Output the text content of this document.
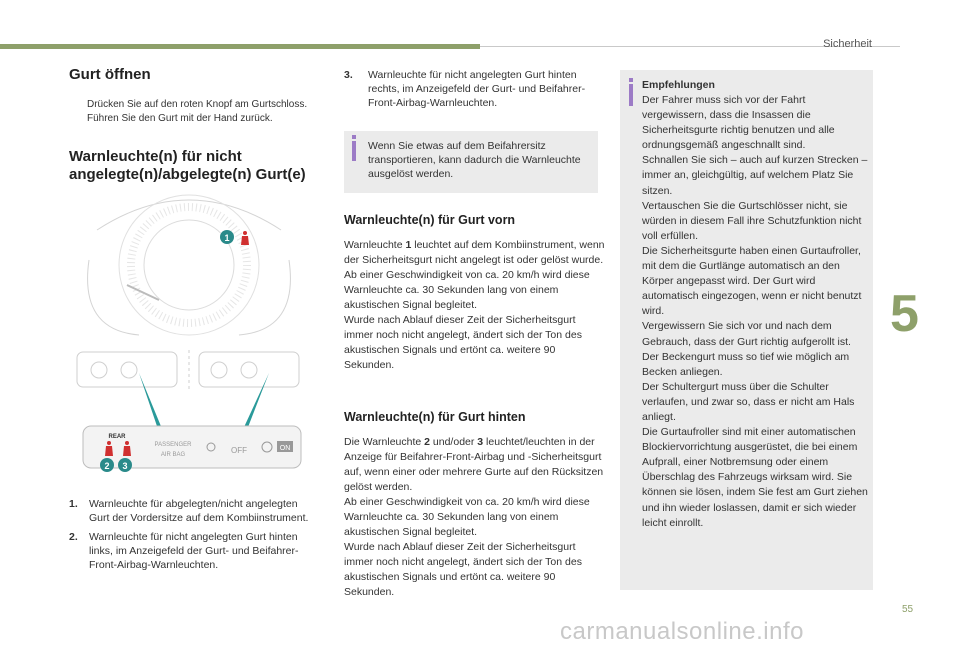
Sicherheit
5
55
Gurt öffnen
Drücken Sie auf den roten Knopf am Gurtschloss.
Führen Sie den Gurt mit der Hand zurück.
Warnleuchte(n) für nicht
angelegte(n)/abgelegte(n) Gurt(e)
1
REAR
PASSENGER
AIR BAG	OFF	ON
2 3
1.	Warnleuchte für abgelegten/nicht angelegten Gurt der Vordersitze auf dem Kombiinstrument.
2.	Warnleuchte für nicht angelegten Gurt hinten links, im Anzeigefeld der Gurt- und Beifahrer-Front-Airbag-Warnleuchten.
3.	Warnleuchte für nicht angelegten Gurt hinten rechts, im Anzeigefeld der Gurt- und Beifahrer-Front-Airbag-Warnleuchten.
Wenn Sie etwas auf dem Beifahrersitz transportieren, kann dadurch die Warnleuchte ausgelöst werden.
Warnleuchte(n) für Gurt vorn
Warnleuchte 1 leuchtet auf dem Kombiinstrument, wenn der Sicherheitsgurt nicht angelegt ist oder gelöst wurde.
Ab einer Geschwindigkeit von ca. 20 km/h wird diese Warnleuchte ca. 30 Sekunden lang von einem akustischen Signal begleitet.
Wurde nach Ablauf dieser Zeit der Sicherheitsgurt immer noch nicht angelegt, ändert sich der Ton des akustischen Signals und ertönt ca. weitere 90 Sekunden.
Warnleuchte(n) für Gurt hinten
Die Warnleuchte 2 und/oder 3 leuchtet/leuchten in der Anzeige für Beifahrer-Front-Airbag und -Sicherheitsgurt auf, wenn einer oder mehrere Gurte auf den Rücksitzen gelöst werden.
Ab einer Geschwindigkeit von ca. 20 km/h wird diese Warnleuchte ca. 30 Sekunden lang von einem akustischen Signal begleitet.
Wurde nach Ablauf dieser Zeit der Sicherheitsgurt immer noch nicht angelegt, ändert sich der Ton des akustischen Signals und ertönt ca. weitere 90 Sekunden.
Empfehlungen
Der Fahrer muss sich vor der Fahrt vergewissern, dass die Insassen die Sicherheitsgurte richtig benutzen und alle ordnungsgemäß angeschnallt sind.
Schnallen Sie sich – auch auf kurzen Strecken – immer an, gleichgültig, auf welchem Platz Sie sitzen.
Vertauschen Sie die Gurtschlösser nicht, sie würden in diesem Fall ihre Schutzfunktion nicht voll erfüllen.
Die Sicherheitsgurte haben einen Gurtaufroller, mit dem die Gurtlänge automatisch an den Körper angepasst wird. Der Gurt wird automatisch eingezogen, wenn er nicht benutzt wird.
Vergewissern Sie sich vor und nach dem Gebrauch, dass der Gurt richtig aufgerollt ist.
Der Beckengurt muss so tief wie möglich am Becken anliegen.
Der Schultergurt muss über die Schulter verlaufen, und zwar so, dass er nicht am Hals anliegt.
Die Gurtaufroller sind mit einer automatischen Blockiervorrichtung ausgerüstet, die bei einem Aufprall, einer Notbremsung oder einem Überschlag des Fahrzeugs wirksam wird. Sie können sie lösen, indem Sie fest am Gurt ziehen und ihn wieder loslassen, damit er sich wieder leicht einrollt.
carmanualsonline.info
